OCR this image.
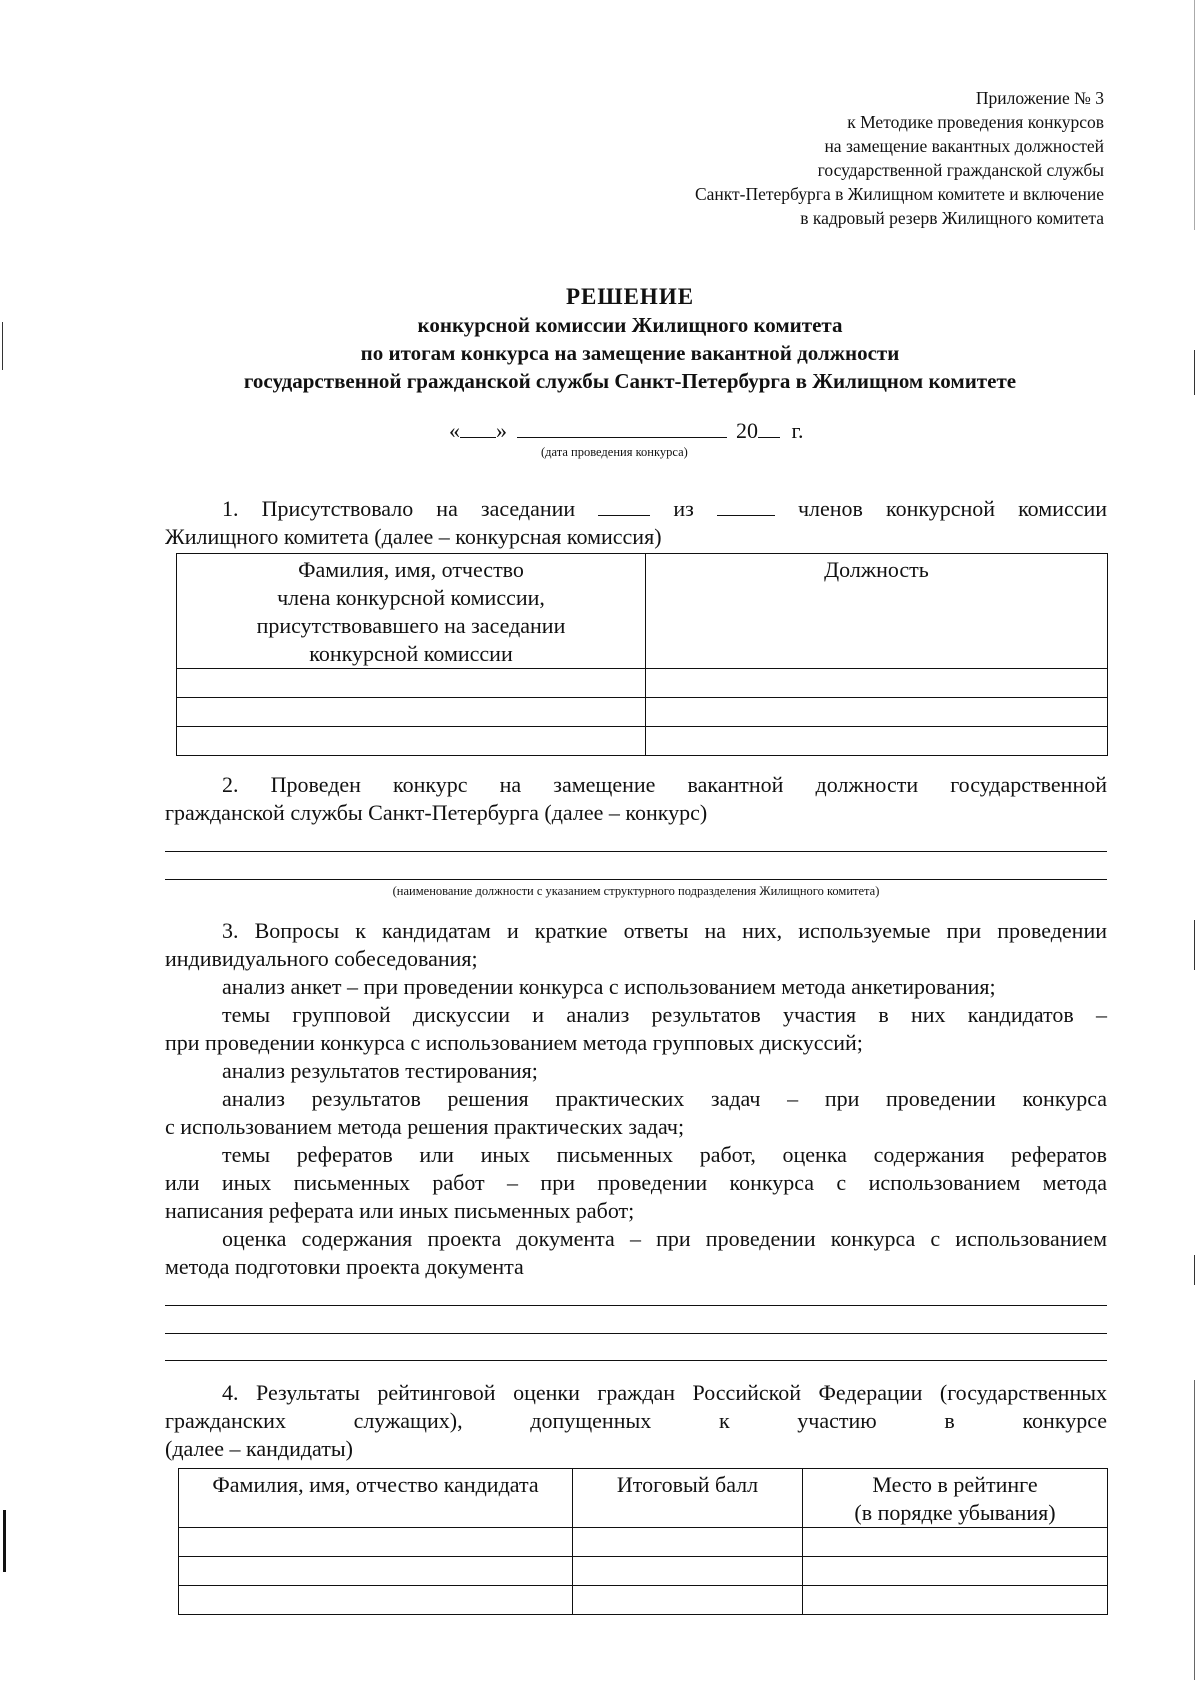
Приложение № 3
к Методике проведения конкурсов
на замещение вакантных должностей
государственной гражданской службы
Санкт-Петербурга в Жилищном комитете и включение
в кадровый резерв Жилищного комитета
РЕШЕНИЕ
конкурсной комиссии Жилищного комитета
по итогам конкурса на замещение вакантной должности
государственной гражданской службы Санкт-Петербурга в Жилищном комитете
« »	20 г.
(дата проведения конкурса)
1. Присутствовало на заседании	из	членов конкурсной комиссии
Жилищного комитета (далее – конкурсная комиссия)
Фамилия, имя, отчество
члена конкурсной комиссии,
присутствовавшего на заседании
конкурсной комиссии	Должность

2. Проведен конкурс на замещение вакантной должности государственной
гражданской службы Санкт-Петербурга (далее – конкурс)
(наименование должности с указанием структурного подразделения Жилищного комитета)
3. Вопросы к кандидатам и краткие ответы на них, используемые при проведении
индивидуального собеседования;
анализ анкет – при проведении конкурса с использованием метода анкетирования;
темы групповой дискуссии и анализ результатов участия в них кандидатов –
при проведении конкурса с использованием метода групповых дискуссий;
анализ результатов тестирования;
анализ результатов решения практических задач – при проведении конкурса
с использованием метода решения практических задач;
темы рефератов или иных письменных работ, оценка содержания рефератов
или иных письменных работ – при проведении конкурса с использованием метода
написания реферата или иных письменных работ;
оценка содержания проекта документа – при проведении конкурса с использованием
метода подготовки проекта документа
4. Результаты рейтинговой оценки граждан Российской Федерации (государственных
гражданских служащих), допущенных к участию в конкурсе
(далее – кандидаты)
Фамилия, имя, отчество кандидата	Итоговый балл	Место в рейтинге
(в порядке убывания)
